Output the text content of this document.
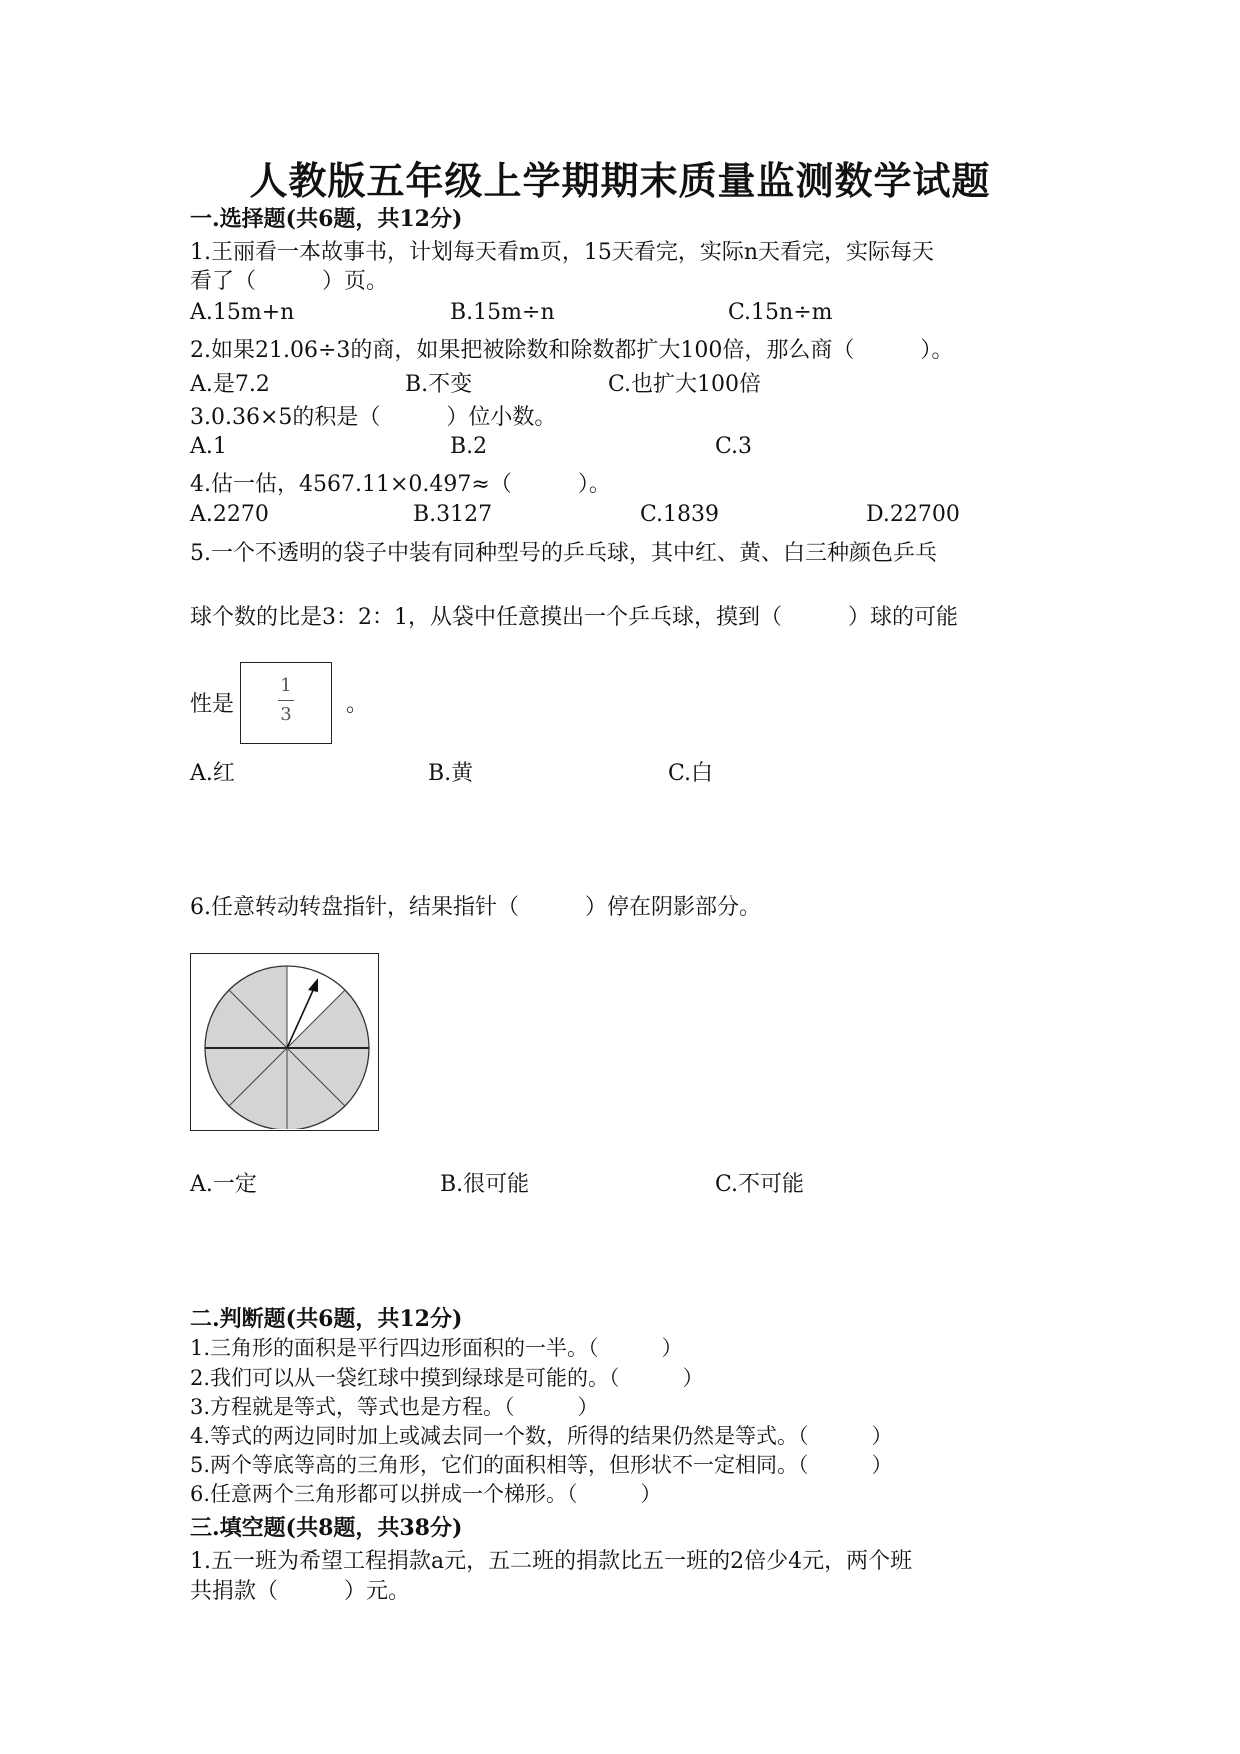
人教版五年级上学期期末质量监测数学试题
一.选择题(共6题，共12分)
1.王丽看一本故事书，计划每天看m页，15天看完，实际n天看完，实际每天
看了（　　　）页。
A.15m+n	B.15m÷n	C.15n÷m
2.如果21.06÷3的商，如果把被除数和除数都扩大100倍，那么商（　　　）。
A.是7.2	B.不变	C.也扩大100倍
3.0.36×5的积是（　　　）位小数。
A.1	B.2	C.3
4.估一估，4567.11×0.497≈（　　　）。
A.2270	B.3127	C.1839	D.22700
5.一个不透明的袋子中装有同种型号的乒乓球，其中红、黄、白三种颜色乒乓
球个数的比是3：2：1，从袋中任意摸出一个乒乓球，摸到（　　　）球的可能
性是
1
3	。
A.红	B.黄	C.白
6.任意转动转盘指针，结果指针（　　　）停在阴影部分。
A.一定	B.很可能	C.不可能
二.判断题(共6题，共12分)
1.三角形的面积是平行四边形面积的一半。（　　　）
2.我们可以从一袋红球中摸到绿球是可能的。（　　　）
3.方程就是等式，等式也是方程。（　　　）
4.等式的两边同时加上或减去同一个数，所得的结果仍然是等式。（　　　）
5.两个等底等高的三角形，它们的面积相等，但形状不一定相同。（　　　）
6.任意两个三角形都可以拼成一个梯形。（　　　）
三.填空题(共8题，共38分)
1.五一班为希望工程捐款a元，五二班的捐款比五一班的2倍少4元，两个班
共捐款（　　　）元。
